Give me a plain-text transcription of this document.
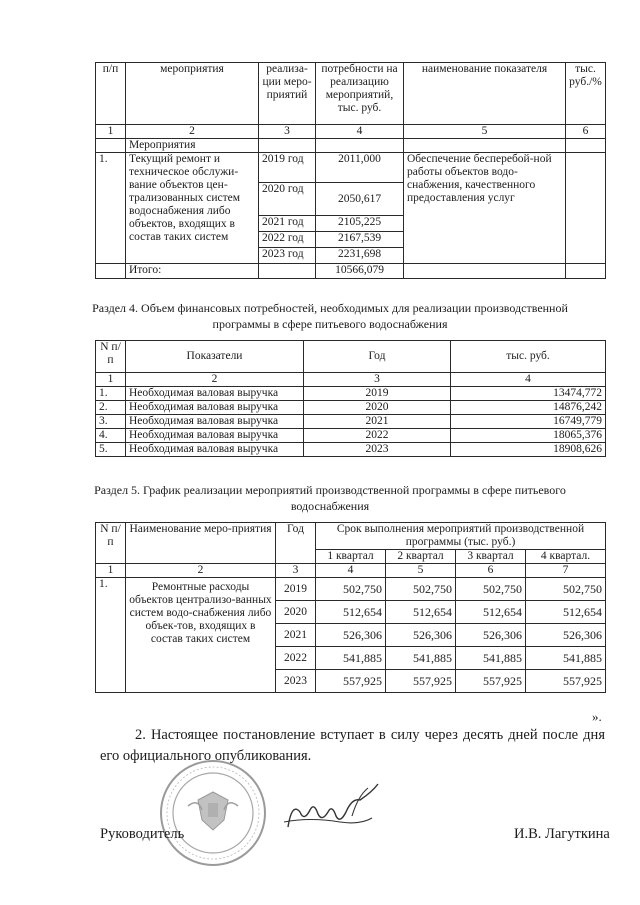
п/п	мероприятия	реализа-ции меро-приятий	потребности на реализацию мероприятий, тыс. руб.	наименование показателя	тыс. руб./%
1	2	3	4	5	6
	Мероприятия				
1.	Текущий ремонт и техническое обслужи-вание объектов цен-трализованных систем водоснабжения либо объектов, входящих в состав таких систем	2019 год	2011,000	Обеспечение бесперебой-ной работы объектов водо-снабжения, качественного предоставления услуг	
		2020 год	2050,617		
		2021 год	2105,225		
		2022 год	2167,539		
		2023 год	2231,698		
	Итого:		10566,079		
Раздел 4. Объем финансовых потребностей, необходимых для реализации производственной программы в сфере питьевого водоснабжения
N п/п	Показатели	Год	тыс. руб.
1	2	3	4
1.	Необходимая валовая выручка	2019	13474,772
2.	Необходимая валовая выручка	2020	14876,242
3.	Необходимая валовая выручка	2021	16749,779
4.	Необходимая валовая выручка	2022	18065,376
5.	Необходимая валовая выручка	2023	18908,626
Раздел 5. График реализации мероприятий производственной программы в сфере питьевого водоснабжения
N п/п	Наименование меро-приятия	Год	Срок выполнения мероприятий производственной программы (тыс. руб.)			
			1 квартал	2 квартал	3 квартал	4 квартал.
1	2	3	4	5	6	7
1.	Ремонтные расходы объектов централизо-ванных систем водо-снабжения либо объек-тов, входящих в состав таких систем	2019	502,750	502,750	502,750	502,750
		2020	512,654	512,654	512,654	512,654
		2021	526,306	526,306	526,306	526,306
		2022	541,885	541,885	541,885	541,885
		2023	557,925	557,925	557,925	557,925
».
2. Настоящее постановление вступает в силу через десять дней после дня его официального опубликования.
Руководитель	И.В. Лагуткина
